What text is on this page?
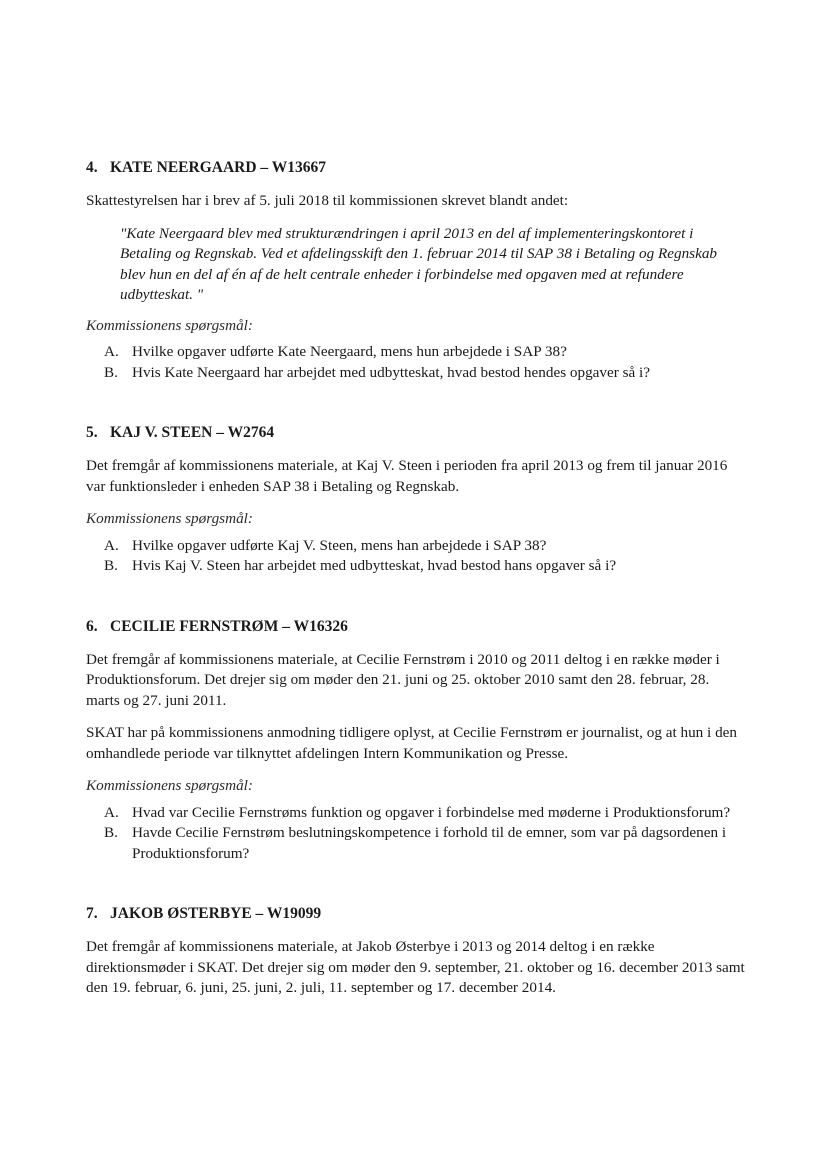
4. KATE NEERGAARD – W13667

Skattestyrelsen har i brev af 5. juli 2018 til kommissionen skrevet blandt andet:

"Kate Neergaard blev med strukturændringen i april 2013 en del af implementeringskontoret i Betaling og Regnskab. Ved et afdelingsskift den 1. februar 2014 til SAP 38 i Betaling og Regnskab blev hun en del af én af de helt centrale enheder i forbindelse med opgaven med at refundere udbytteskat. "

Kommissionens spørgsmål:

A. Hvilke opgaver udførte Kate Neergaard, mens hun arbejdede i SAP 38?
B. Hvis Kate Neergaard har arbejdet med udbytteskat, hvad bestod hendes opgaver så i?
5. KAJ V. STEEN – W2764

Det fremgår af kommissionens materiale, at Kaj V. Steen i perioden fra april 2013 og frem til januar 2016 var funktionsleder i enheden SAP 38 i Betaling og Regnskab.

Kommissionens spørgsmål:

A. Hvilke opgaver udførte Kaj V. Steen, mens han arbejdede i SAP 38?
B. Hvis Kaj V. Steen har arbejdet med udbytteskat, hvad bestod hans opgaver så i?
6. CECILIE FERNSTRØM – W16326

Det fremgår af kommissionens materiale, at Cecilie Fernstrøm i 2010 og 2011 deltog i en række møder i Produktionsforum. Det drejer sig om møder den 21. juni og 25. oktober 2010 samt den 28. februar, 28. marts og 27. juni 2011.

SKAT har på kommissionens anmodning tidligere oplyst, at Cecilie Fernstrøm er journalist, og at hun i den omhandlede periode var tilknyttet afdelingen Intern Kommunikation og Presse.

Kommissionens spørgsmål:

A. Hvad var Cecilie Fernstrøms funktion og opgaver i forbindelse med møderne i Produktionsforum?
B. Havde Cecilie Fernstrøm beslutningskompetence i forhold til de emner, som var på dagsordenen i Produktionsforum?
7. JAKOB ØSTERBYE – W19099

Det fremgår af kommissionens materiale, at Jakob Østerbye i 2013 og 2014 deltog i en række direktionsmøder i SKAT. Det drejer sig om møder den 9. september, 21. oktober og 16. december 2013 samt den 19. februar, 6. juni, 25. juni, 2. juli, 11. september og 17. december 2014.
